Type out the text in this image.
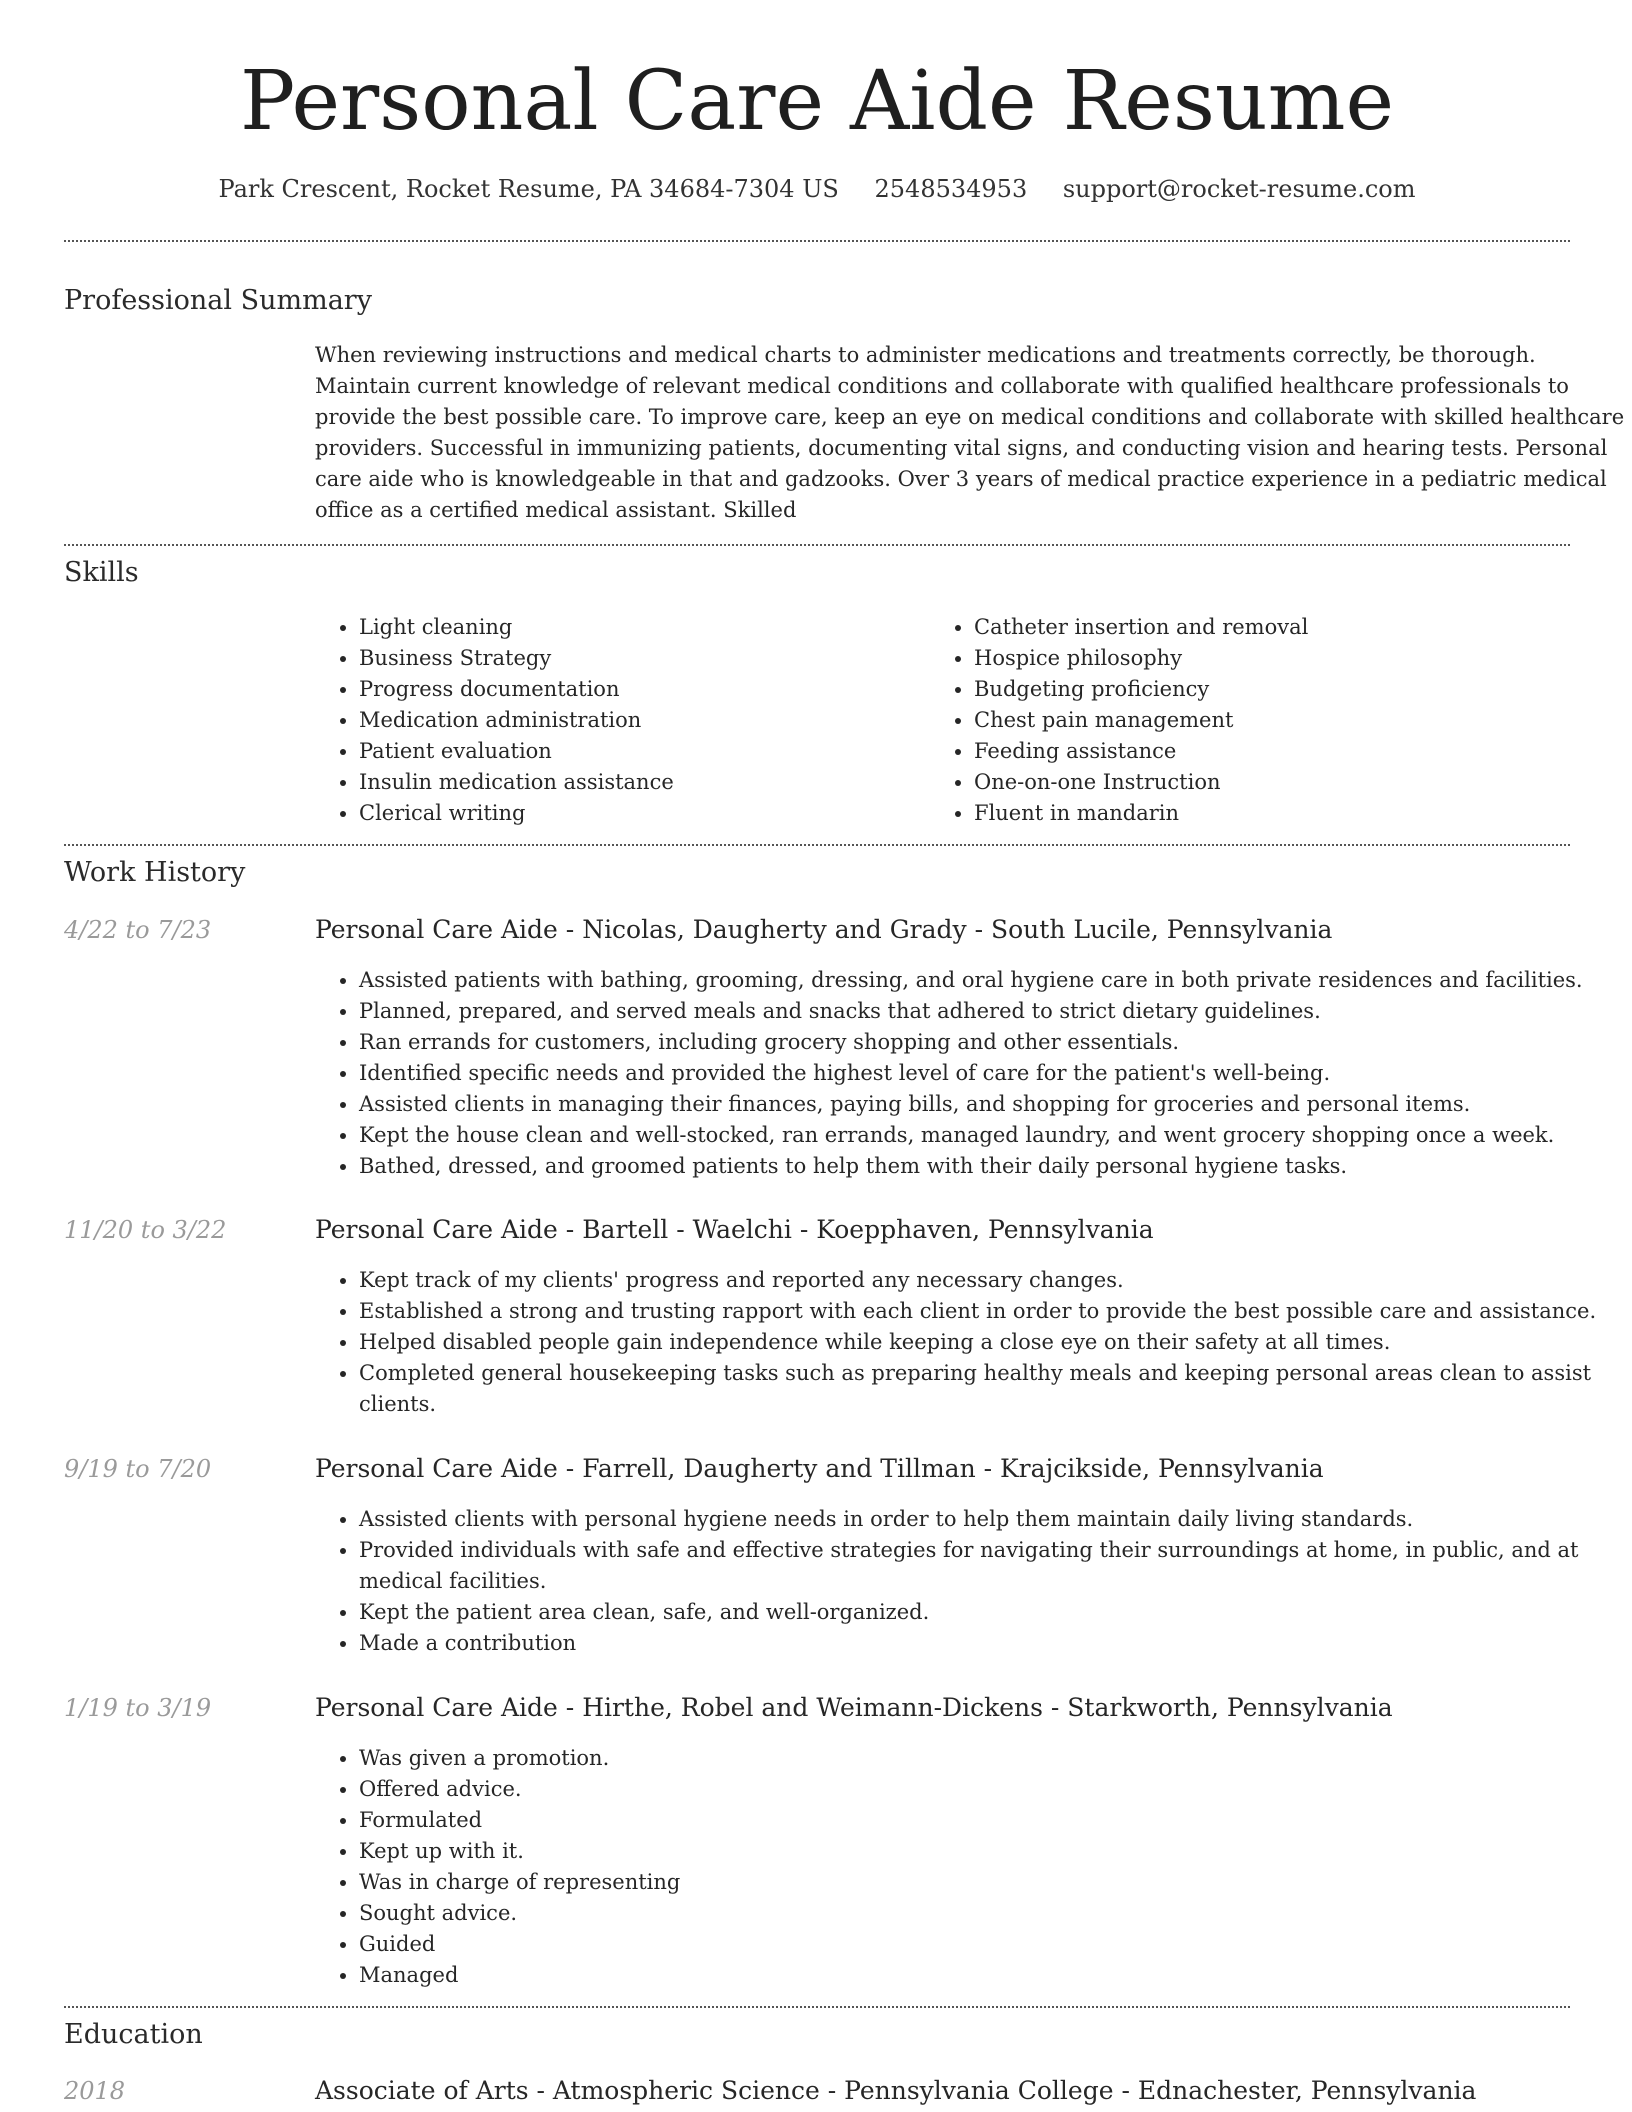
Personal Care Aide Resume
Park Crescent, Rocket Resume, PA 34684-7304 US 2548534953 support@rocket-resume.com
Professional Summary
When reviewing instructions and medical charts to administer medications and treatments correctly, be thorough. Maintain current knowledge of relevant medical conditions and collaborate with qualified healthcare professionals to provide the best possible care. To improve care, keep an eye on medical conditions and collaborate with skilled healthcare providers. Successful in immunizing patients, documenting vital signs, and conducting vision and hearing tests. Personal care aide who is knowledgeable in that and gadzooks. Over 3 years of medical practice experience in a pediatric medical office as a certified medical assistant. Skilled
Skills
• Light cleaning
• Business Strategy
• Progress documentation
• Medication administration
• Patient evaluation
• Insulin medication assistance
• Clerical writing
• Catheter insertion and removal
• Hospice philosophy
• Budgeting proficiency
• Chest pain management
• Feeding assistance
• One-on-one Instruction
• Fluent in mandarin
Work History
4/22 to 7/23	Personal Care Aide - Nicolas, Daugherty and Grady - South Lucile, Pennsylvania
• Assisted patients with bathing, grooming, dressing, and oral hygiene care in both private residences and facilities.
• Planned, prepared, and served meals and snacks that adhered to strict dietary guidelines.
• Ran errands for customers, including grocery shopping and other essentials.
• Identified specific needs and provided the highest level of care for the patient's well-being.
• Assisted clients in managing their finances, paying bills, and shopping for groceries and personal items.
• Kept the house clean and well-stocked, ran errands, managed laundry, and went grocery shopping once a week.
• Bathed, dressed, and groomed patients to help them with their daily personal hygiene tasks.
11/20 to 3/22	Personal Care Aide - Bartell - Waelchi - Koepphaven, Pennsylvania
• Kept track of my clients' progress and reported any necessary changes.
• Established a strong and trusting rapport with each client in order to provide the best possible care and assistance.
• Helped disabled people gain independence while keeping a close eye on their safety at all times.
• Completed general housekeeping tasks such as preparing healthy meals and keeping personal areas clean to assist clients.
9/19 to 7/20	Personal Care Aide - Farrell, Daugherty and Tillman - Krajcikside, Pennsylvania
• Assisted clients with personal hygiene needs in order to help them maintain daily living standards.
• Provided individuals with safe and effective strategies for navigating their surroundings at home, in public, and at medical facilities.
• Kept the patient area clean, safe, and well-organized.
• Made a contribution
1/19 to 3/19	Personal Care Aide - Hirthe, Robel and Weimann-Dickens - Starkworth, Pennsylvania
• Was given a promotion.
• Offered advice.
• Formulated
• Kept up with it.
• Was in charge of representing
• Sought advice.
• Guided
• Managed
Education
2018	Associate of Arts - Atmospheric Science - Pennsylvania College - Ednachester, Pennsylvania
